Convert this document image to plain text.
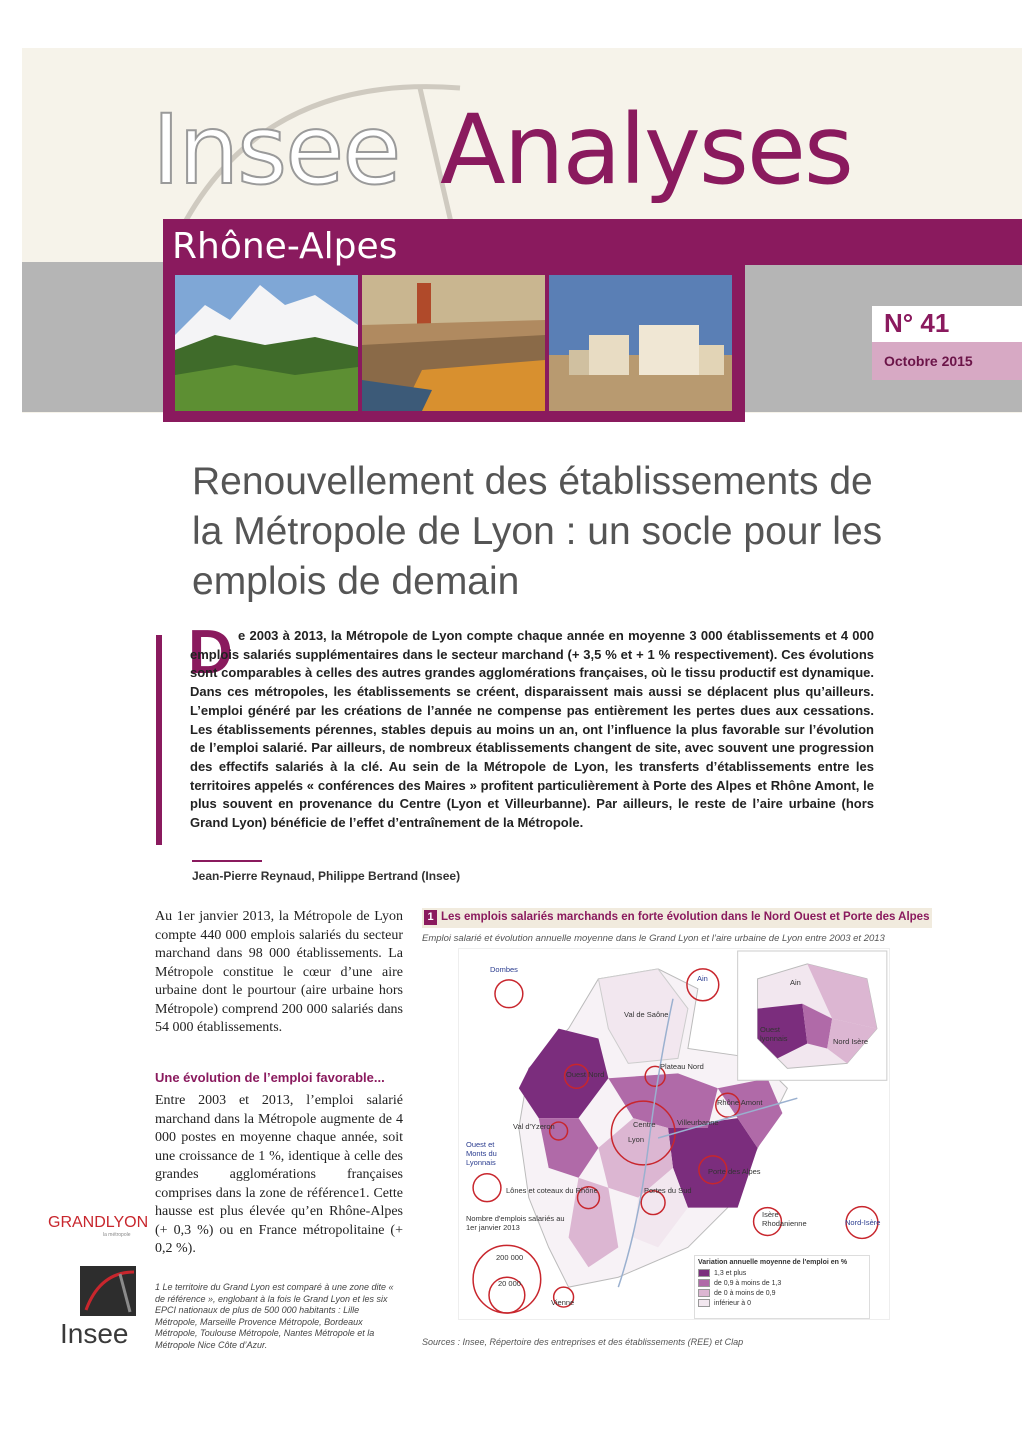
Insee Analyses
Rhône-Alpes
N° 41
Octobre 2015
Renouvellement des établissements de la Métropole de Lyon : un socle pour les emplois de demain
D e 2003 à 2013, la Métropole de Lyon compte chaque année en moyenne 3 000 établissements et 4 000 emplois salariés supplémentaires dans le secteur marchand (+ 3,5 % et + 1 % respectivement). Ces évolutions sont comparables à celles des autres grandes agglomérations françaises, où le tissu productif est dynamique. Dans ces métropoles, les établissements se créent, disparaissent mais aussi se déplacent plus qu’ailleurs. L’emploi généré par les créations de l’année ne compense pas entièrement les pertes dues aux cessations. Les établissements pérennes, stables depuis au moins un an, ont l’influence la plus favorable sur l’évolution de l’emploi salarié. Par ailleurs, de nombreux établissements changent de site, avec souvent une progression des effectifs salariés à la clé. Au sein de la Métropole de Lyon, les transferts d’établissements entre les territoires appelés « conférences des Maires » profitent particulièrement à Porte des Alpes et Rhône Amont, le plus souvent en provenance du Centre (Lyon et Villeurbanne). Par ailleurs, le reste de l’aire urbaine (hors Grand Lyon) bénéficie de l’effet d’entraînement de la Métropole.
Jean-Pierre Reynaud, Philippe Bertrand (Insee)
Au 1er janvier 2013, la Métropole de Lyon compte 440 000 emplois salariés du secteur marchand dans 98 000 établissements. La Métropole constitue le cœur d’une aire urbaine dont le pourtour (aire urbaine hors Métropole) comprend 200 000 salariés dans 54 000 établissements.
Une évolution de l’emploi favorable...
Entre 2003 et 2013, l’emploi salarié marchand dans la Métropole augmente de 4 000 postes en moyenne chaque année, soit une croissance de 1 %, identique à celle des grandes agglomérations françaises comprises dans la zone de référence1. Cette hausse est plus élevée qu’en Rhône-Alpes (+ 0,3 %) ou en France métropolitaine (+ 0,2 %).
1 Le territoire du Grand Lyon est comparé à une zone dite « de référence », englobant à la fois le Grand Lyon et les six EPCI nationaux de plus de 500 000 habitants : Lille Métropole, Marseille Provence Métropole, Bordeaux Métropole, Toulouse Métropole, Nantes Métropole et la Métropole Nice Côte d’Azur.
GRANDLYON
la métropole
Insee
1 Les emplois salariés marchands en forte évolution dans le Nord Ouest et Porte des Alpes
Emploi salarié et évolution annuelle moyenne dans le Grand Lyon et l’aire urbaine de Lyon entre 2003 et 2013
Dombes
Ain
Val de Saône
Plateau Nord
Ouest Nord
Rhône Amont
Villeurbanne
Centre
Lyon
Val d'Yzeron
Ouest et Monts du Lyonnais
Porte des Alpes
Lônes et coteaux du Rhône	Portes du Sud
Nord-Isère
Isère Rhodanienne
Vienne
Ain
Nord Isère
Ouest lyonnais
Nombre d'emplois salariés au 1er janvier 2013
200 000
20 000
Variation annuelle moyenne de l'emploi en %
1,3 et plus
de 0,9 à moins de 1,3
de 0 à moins de 0,9
inférieur à 0
Sources : Insee, Répertoire des entreprises et des établissements (REE) et Clap
